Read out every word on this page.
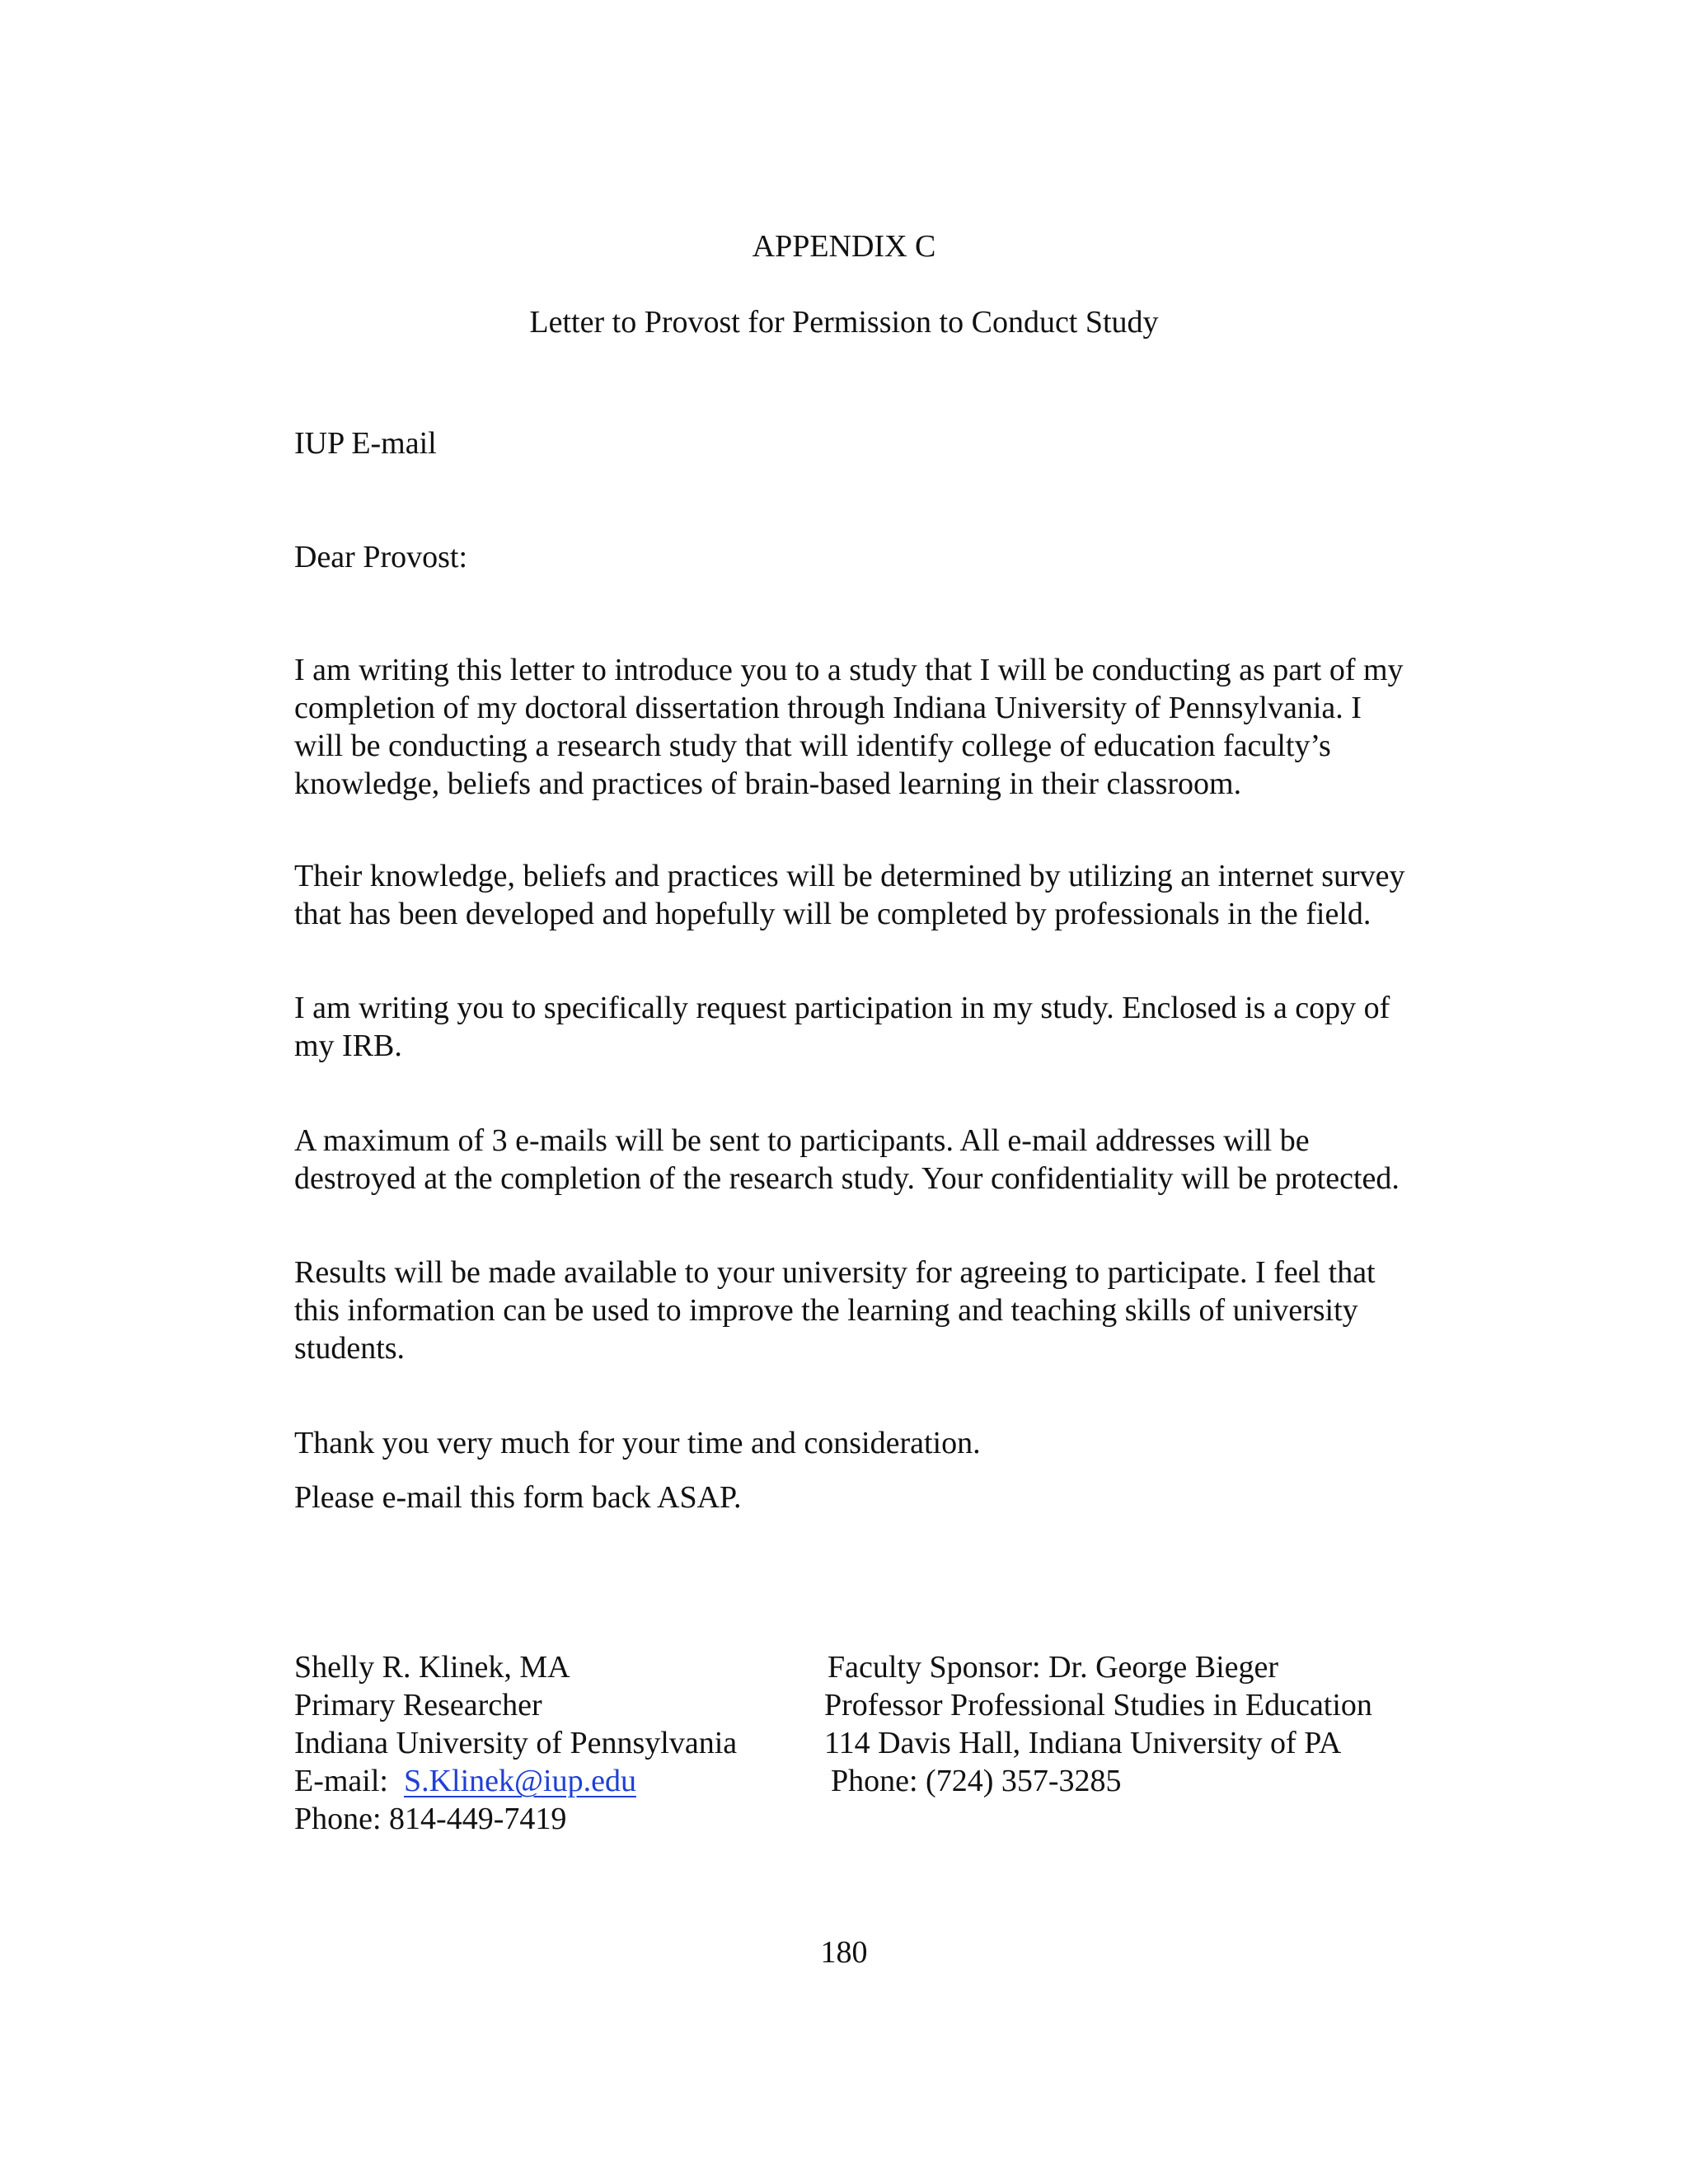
APPENDIX C
Letter to Provost for Permission to Conduct Study
IUP E-mail
Dear Provost:
I am writing this letter to introduce you to a study that I will be conducting as part of my
completion of my doctoral dissertation through Indiana University of Pennsylvania. I
will be conducting a research study that will identify college of education faculty’s
knowledge, beliefs and practices of brain-based learning in their classroom.
Their knowledge, beliefs and practices will be determined by utilizing an internet survey
that has been developed and hopefully will be completed by professionals in the field.
I am writing you to specifically request participation in my study. Enclosed is a copy of
my IRB.
A maximum of 3 e-mails will be sent to participants. All e-mail addresses will be
destroyed at the completion of the research study. Your confidentiality will be protected.
Results will be made available to your university for agreeing to participate. I feel that
this information can be used to improve the learning and teaching skills of university
students.
Thank you very much for your time and consideration.
Please e-mail this form back ASAP.
Shelly R. Klinek, MA
Primary Researcher
Indiana University of Pennsylvania
E-mail: S.Klinek@iup.edu
Phone: 814-449-7419
Faculty Sponsor: Dr. George Bieger
Professor Professional Studies in Education
114 Davis Hall, Indiana University of PA
Phone: (724) 357-3285
180
